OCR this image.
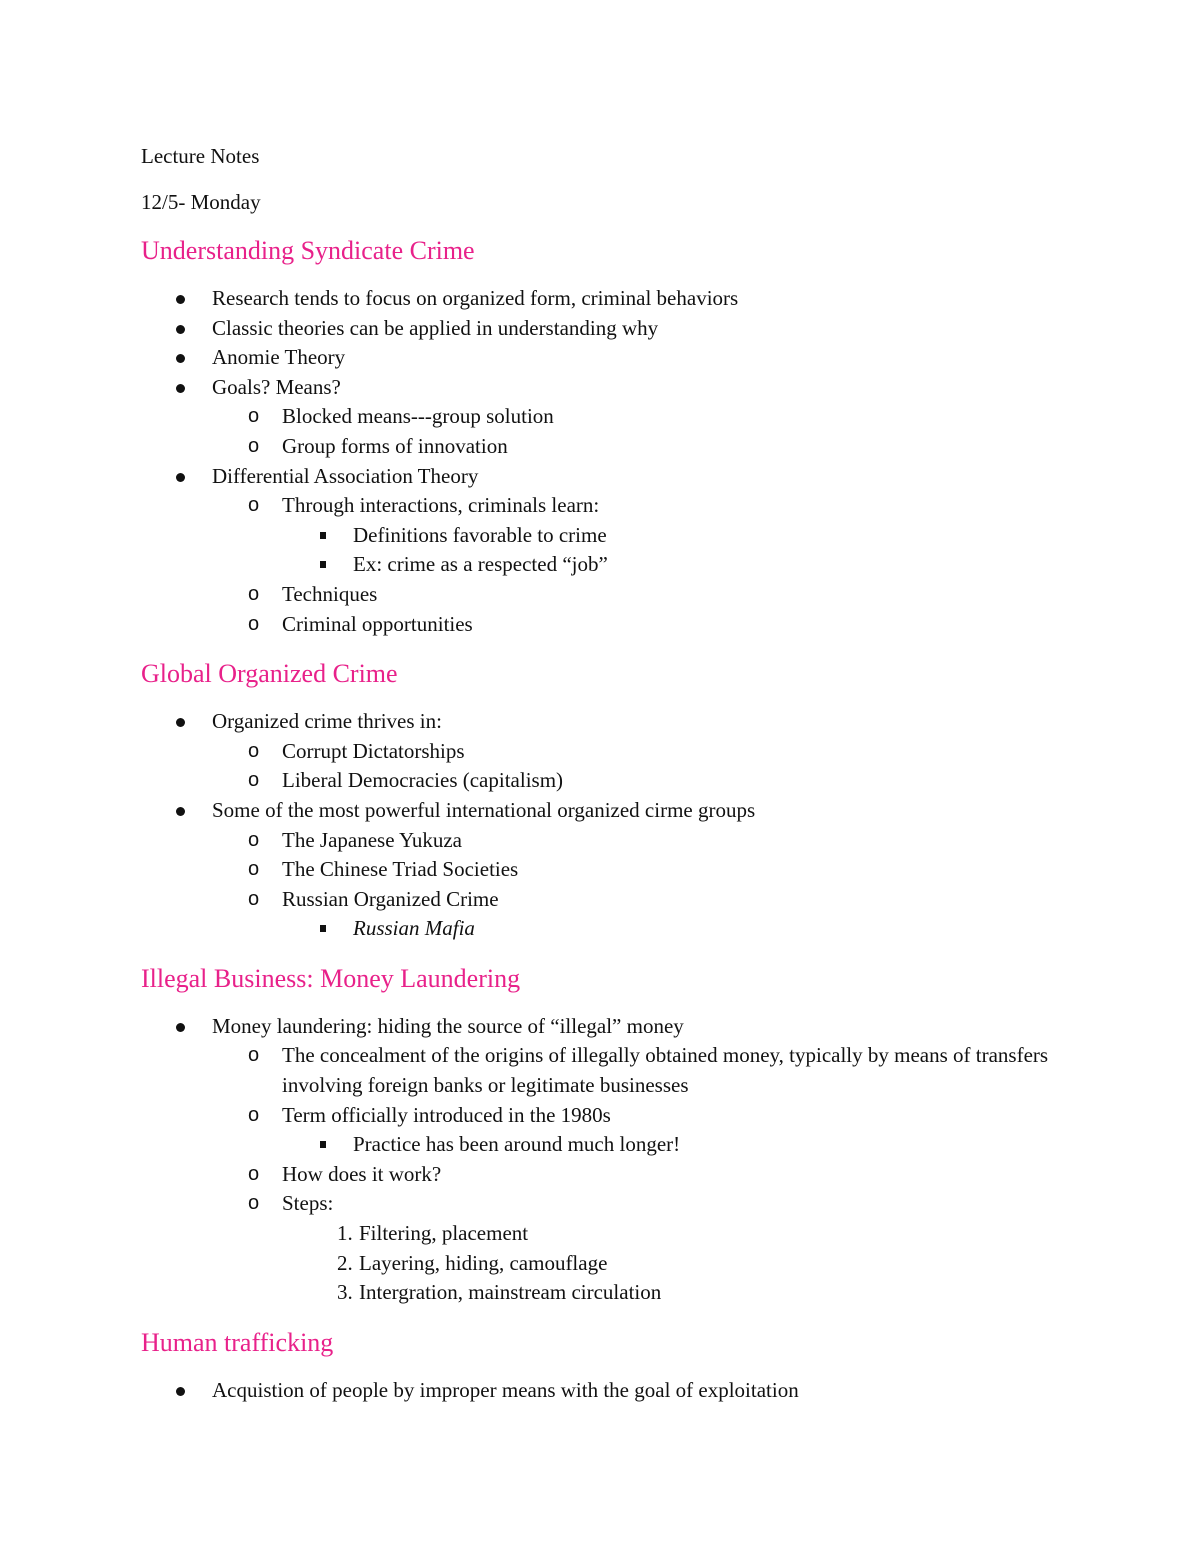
Lecture Notes

12/5- Monday

Understanding Syndicate Crime
Research tends to focus on organized form, criminal behaviors
Classic theories can be applied in understanding why
Anomie Theory
Goals? Means?
o	Blocked means---group solution
o	Group forms of innovation
Differential Association Theory
o	Through interactions, criminals learn:
Definitions favorable to crime
Ex: crime as a respected “job”
o	Techniques
o	Criminal opportunities
Global Organized Crime
Organized crime thrives in:
o	Corrupt Dictatorships
o	Liberal Democracies (capitalism)
Some of the most powerful international organized cirme groups
o	The Japanese Yukuza
o	The Chinese Triad Societies
o	Russian Organized Crime
Russian Mafia
Illegal Business: Money Laundering
Money laundering: hiding the source of “illegal” money
o	The concealment of the origins of illegally obtained money, typically by means of transfers involving foreign banks or legitimate businesses
o	Term officially introduced in the 1980s
Practice has been around much longer!
o	How does it work?
o	Steps:
1. Filtering, placement
2. Layering, hiding, camouflage
3. Intergration, mainstream circulation
Human trafficking
Acquistion of people by improper means with the goal of exploitation
